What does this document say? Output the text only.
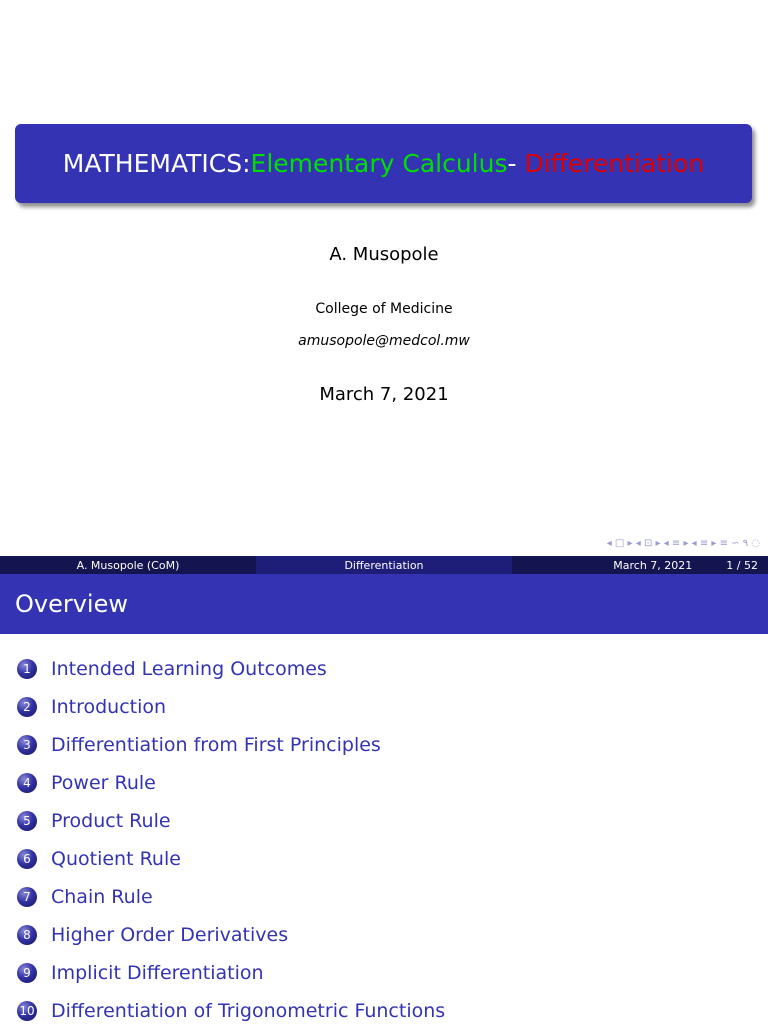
MATHEMATICS: Elementary Calculus - Differentiation
A. Musopole
College of Medicine
amusopole@medcol.mw
March 7, 2021
◂ □ ▸ ◂ ⊡ ▸ ◂ ≡ ▸ ◂ ≡ ▸ ≡ ∽ ۹ ◌
A. Musopole (CoM)	Differentiation	March 7, 2021	1 / 52
Overview
1	Intended Learning Outcomes
2	Introduction
3	Differentiation from First Principles
4	Power Rule
5	Product Rule
6	Quotient Rule
7	Chain Rule
8	Higher Order Derivatives
9	Implicit Differentiation
10 Differentiation of Trigonometric Functions
